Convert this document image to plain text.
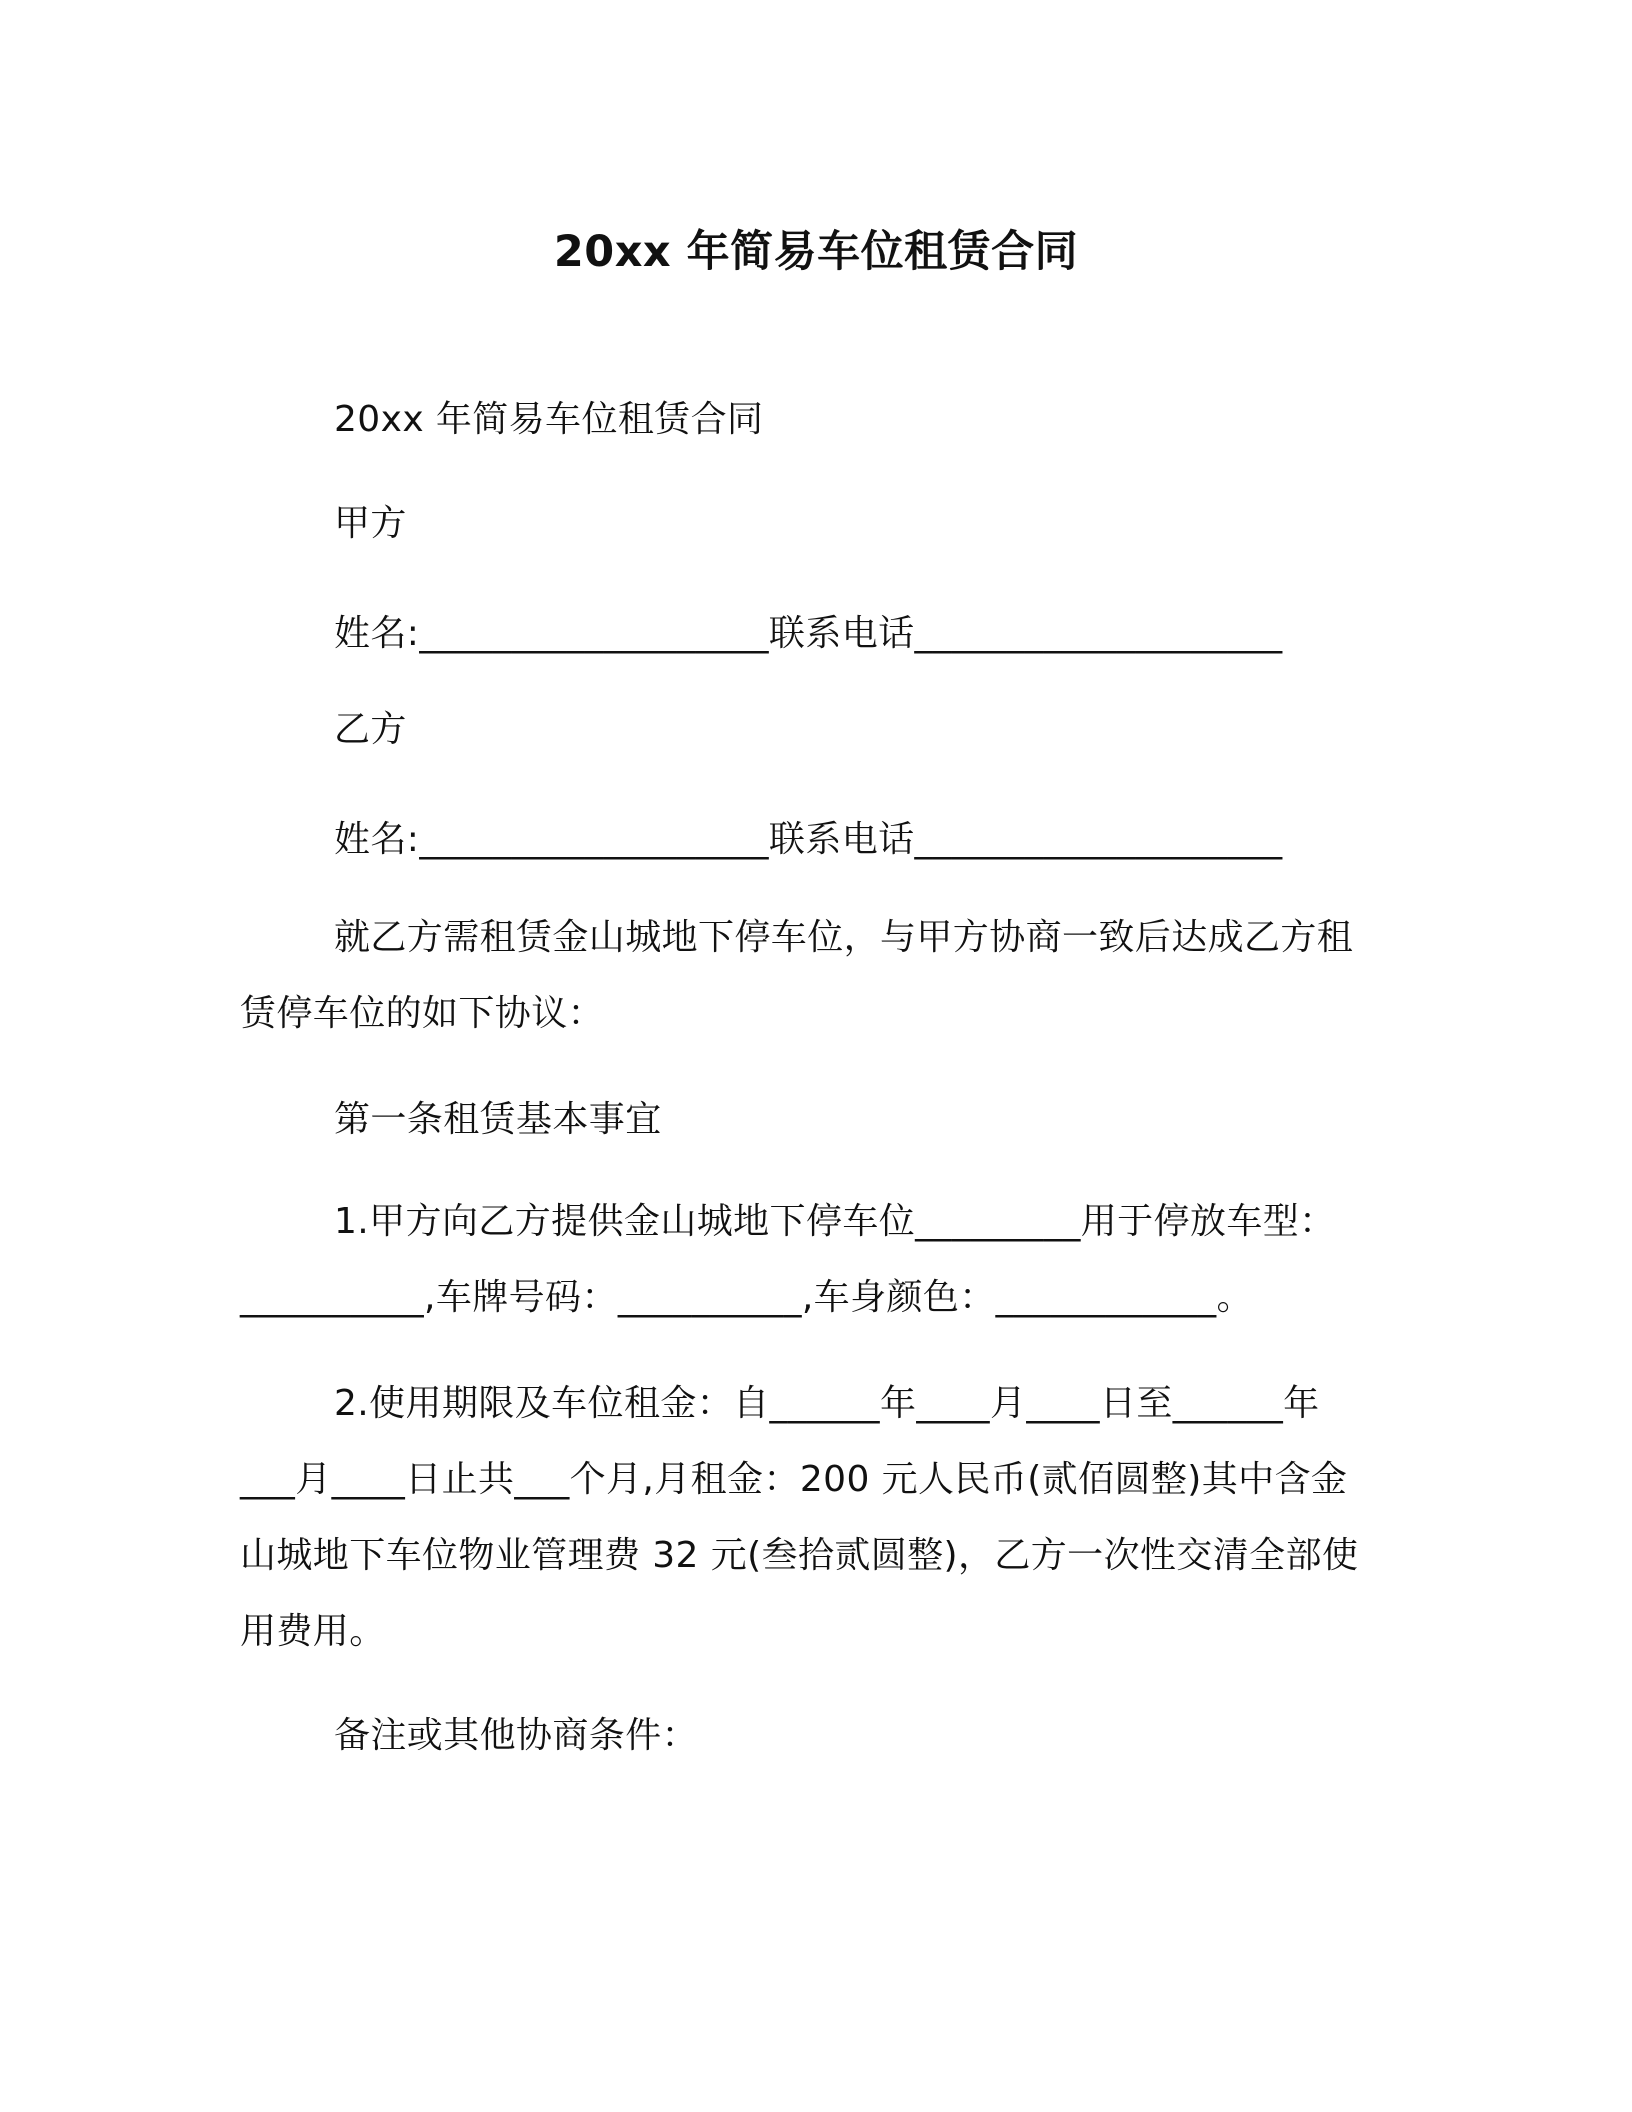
20xx 年简易车位租赁合同
20xx 年简易车位租赁合同
甲方
姓名:___________________联系电话____________________
乙方
姓名:___________________联系电话____________________
就乙方需租赁金山城地下停车位，与甲方协商一致后达成乙方租
赁停车位的如下协议：
第一条租赁基本事宜
1.甲方向乙方提供金山城地下停车位_________用于停放车型：
__________,车牌号码：__________,车身颜色：____________。
2.使用期限及车位租金：自______年____月____日至______年
___月____日止共___个月,月租金：200 元人民币(贰佰圆整)其中含金
山城地下车位物业管理费 32 元(叁拾贰圆整)，乙方一次性交清全部使
用费用。
备注或其他协商条件：
